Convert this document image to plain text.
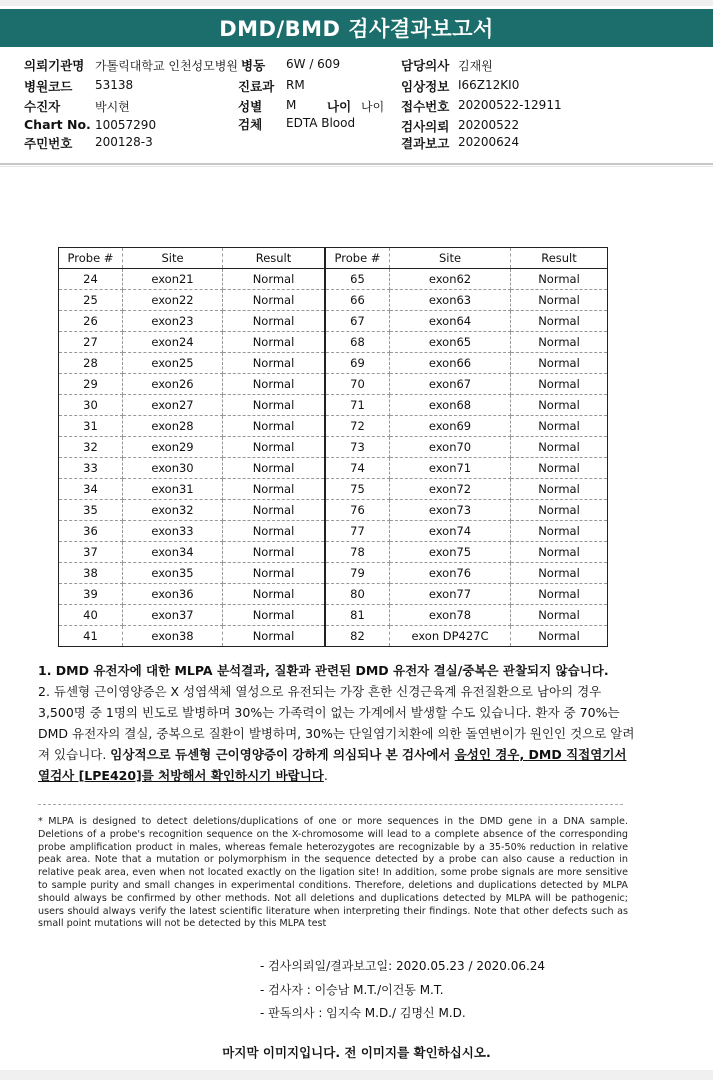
DMD/BMD 검사결과보고서
의뢰기관명 가톨릭대학교 인천성모병원 병동 6W / 609	담당의사 김재원
병원코드 53138	진료과 RM	임상정보 I66Z12KI0
수진자	박시현	성별 M 나이 나이 접수번호 20200522-12911
Chart No. 10057290	검체 EDTA Blood	검사의뢰 20200522
주민번호 200128-3	결과보고 20200624
Probe #	Site	Result
24	exon21	Normal
25	exon22	Normal
26	exon23	Normal
27	exon24	Normal
28	exon25	Normal
29	exon26	Normal
30	exon27	Normal
31	exon28	Normal
32	exon29	Normal
33	exon30	Normal
34	exon31	Normal
35	exon32	Normal
36	exon33	Normal
37	exon34	Normal
38	exon35	Normal
39	exon36	Normal
40	exon37	Normal
41	exon38	Normal
Probe #	Site	Result
65	exon62	Normal
66	exon63	Normal
67	exon64	Normal
68	exon65	Normal
69	exon66	Normal
70	exon67	Normal
71	exon68	Normal
72	exon69	Normal
73	exon70	Normal
74	exon71	Normal
75	exon72	Normal
76	exon73	Normal
77	exon74	Normal
78	exon75	Normal
79	exon76	Normal
80	exon77	Normal
81	exon78	Normal
82	exon DP427C	Normal

1. DMD 유전자에 대한 MLPA 분석결과, 질환과 관련된 DMD 유전자 결실/중복은 관찰되지 않습니다.

2. 듀센형 근이영양증은 X 성염색체 열성으로 유전되는 가장 흔한 신경근육계 유전질환으로 남아의 경우 3,500명 중 1명의 빈도로 발병하며 30%는 가족력이 없는 가계에서 발생할 수도 있습니다. 환자 중 70%는 DMD 유전자의 결실, 중복으로 질환이 발병하며, 30%는 단일염기치환에 의한 돌연변이가 원인인 것으로 알려져 있습니다. 임상적으로 듀센형 근이영양증이 강하게 의심되나 본 검사에서 음성인 경우, DMD 직접염기서열검사 [LPE420]를 처방해서 확인하시기 바랍니다.

* MLPA is designed to detect deletions/duplications of one or more sequences in the DMD gene in a DNA sample. Deletions of a probe's recognition sequence on the X-chromosome will lead to a complete absence of the corresponding probe amplification product in males, whereas female heterozygotes are recognizable by a 35-50% reduction in relative peak area. Note that a mutation or polymorphism in the sequence detected by a probe can also cause a reduction in relative peak area, even when not located exactly on the ligation site! In addition, some probe signals are more sensitive to sample purity and small changes in experimental conditions. Therefore, deletions and duplications detected by MLPA should always be confirmed by other methods. Not all deletions and duplications detected by MLPA will be pathogenic; users should always verify the latest scientific literature when interpreting their findings. Note that other defects such as small point mutations will not be detected by this MLPA test
- 검사의뢰일/결과보고일: 2020.05.23 / 2020.06.24
- 검사자 : 이승남 M.T./이건동 M.T.
- 판독의사 : 임지숙 M.D./ 김명신 M.D.
마지막 이미지입니다. 전 이미지를 확인하십시오.
